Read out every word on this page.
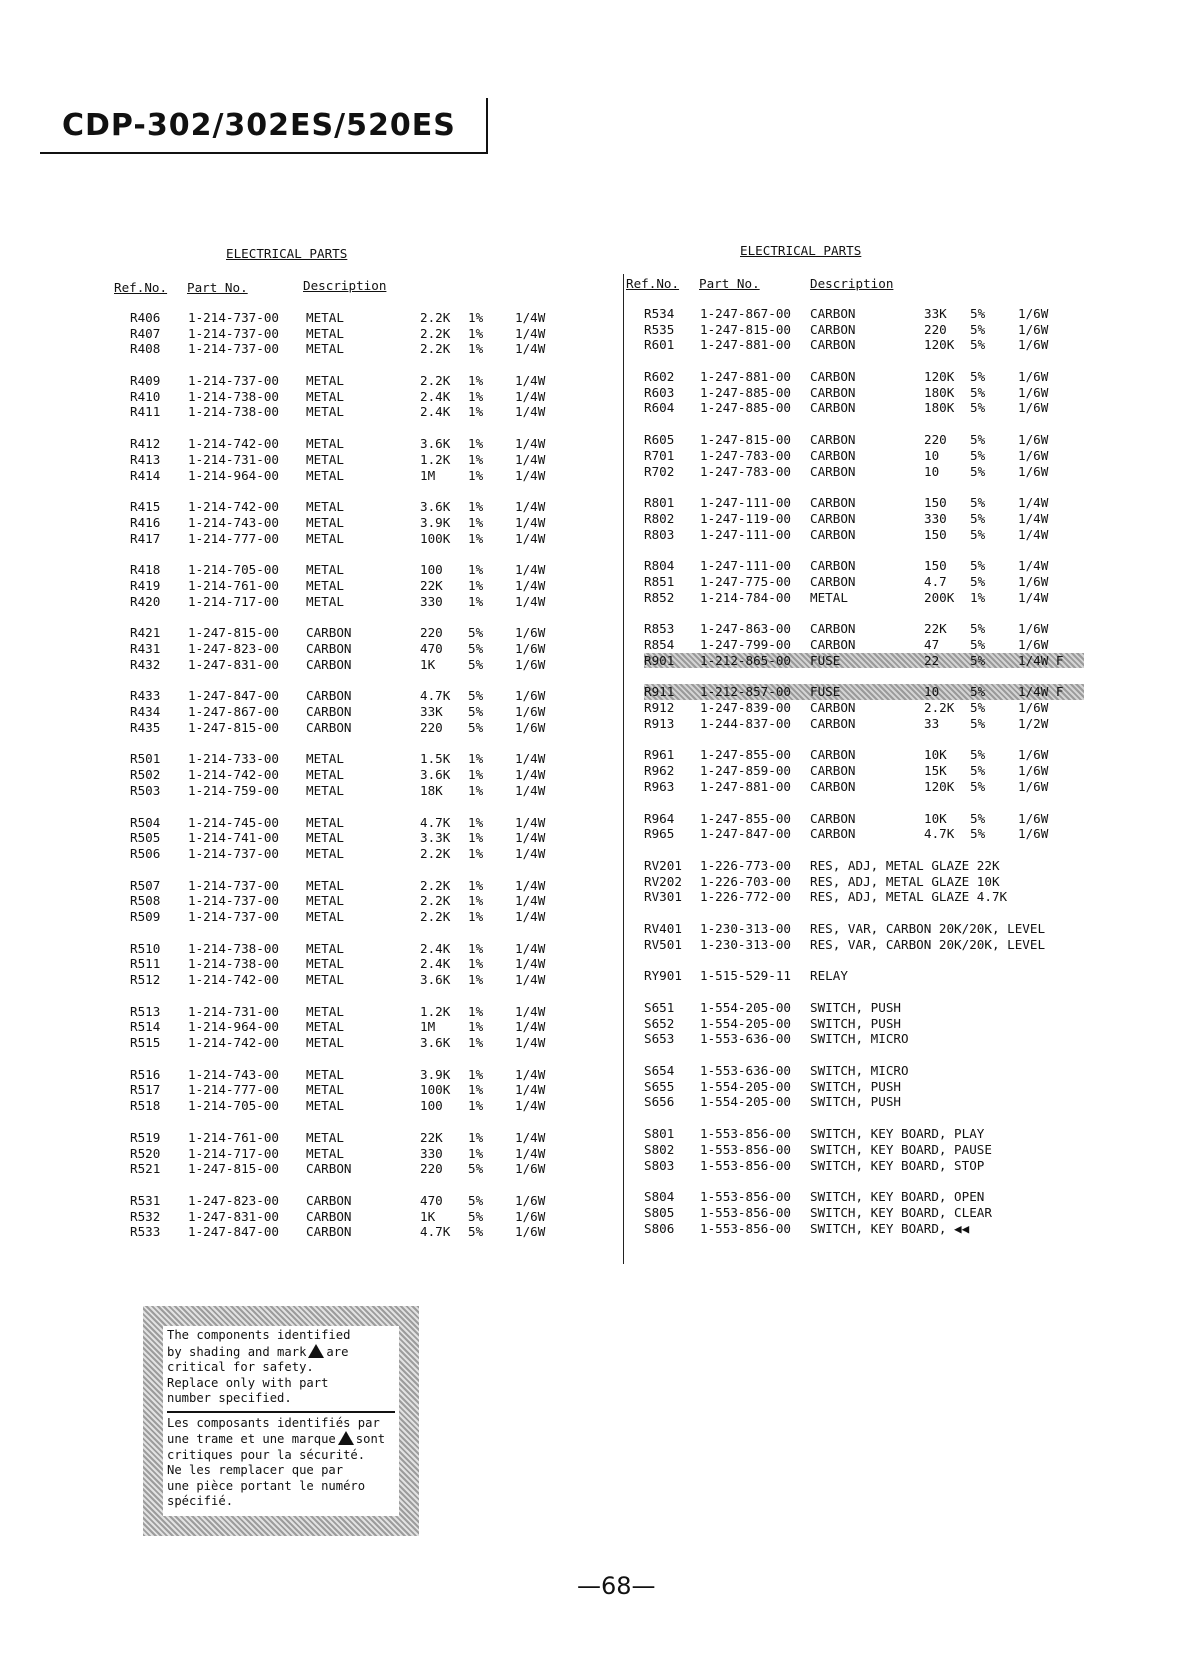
CDP-302/302ES/520ES
ELECTRICAL PARTS
Ref.No. Part No.	Description
R406 1-214-737-00 METAL	2.2K 1%	1/4W
R407 1-214-737-00 METAL	2.2K 1%	1/4W
R408 1-214-737-00 METAL	2.2K 1%	1/4W
R409 1-214-737-00 METAL	2.2K 1%	1/4W
R410 1-214-738-00 METAL	2.4K 1%	1/4W
R411 1-214-738-00 METAL	2.4K 1%	1/4W
R412 1-214-742-00 METAL	3.6K 1%	1/4W
R413 1-214-731-00 METAL	1.2K 1%	1/4W
R414 1-214-964-00 METAL	1M	1%	1/4W
R415 1-214-742-00 METAL	3.6K 1%	1/4W
R416 1-214-743-00 METAL	3.9K 1%	1/4W
R417 1-214-777-00 METAL	100K 1%	1/4W
R418 1-214-705-00 METAL	100 1%	1/4W
R419 1-214-761-00 METAL	22K 1%	1/4W
R420 1-214-717-00 METAL	330 1%	1/4W
R421 1-247-815-00 CARBON	220 5%	1/6W
R431 1-247-823-00 CARBON	470 5%	1/6W
R432 1-247-831-00 CARBON	1K	5%	1/6W
R433 1-247-847-00 CARBON	4.7K 5%	1/6W
R434 1-247-867-00 CARBON	33K 5%	1/6W
R435 1-247-815-00 CARBON	220 5%	1/6W
R501 1-214-733-00 METAL	1.5K 1%	1/4W
R502 1-214-742-00 METAL	3.6K 1%	1/4W
R503 1-214-759-00 METAL	18K 1%	1/4W
R504 1-214-745-00 METAL	4.7K 1%	1/4W
R505 1-214-741-00 METAL	3.3K 1%	1/4W
R506 1-214-737-00 METAL	2.2K 1%	1/4W
R507 1-214-737-00 METAL	2.2K 1%	1/4W
R508 1-214-737-00 METAL	2.2K 1%	1/4W
R509 1-214-737-00 METAL	2.2K 1%	1/4W
R510 1-214-738-00 METAL	2.4K 1%	1/4W
R511 1-214-738-00 METAL	2.4K 1%	1/4W
R512 1-214-742-00 METAL	3.6K 1%	1/4W
R513 1-214-731-00 METAL	1.2K 1%	1/4W
R514 1-214-964-00 METAL	1M	1%	1/4W
R515 1-214-742-00 METAL	3.6K 1%	1/4W
R516 1-214-743-00 METAL	3.9K 1%	1/4W
R517 1-214-777-00 METAL	100K 1%	1/4W
R518 1-214-705-00 METAL	100 1%	1/4W
R519 1-214-761-00 METAL	22K 1%	1/4W
R520 1-214-717-00 METAL	330 1%	1/4W
R521 1-247-815-00 CARBON	220 5%	1/6W
R531 1-247-823-00 CARBON	470 5%	1/6W
R532 1-247-831-00 CARBON	1K	5%	1/6W
R533 1-247-847-00 CARBON	4.7K 5%	1/6W
ELECTRICAL PARTS
Ref.No. Part No.	Description
R534 1-247-867-00 CARBON	33K 5%	1/6W
R535 1-247-815-00 CARBON	220 5%	1/6W
R601 1-247-881-00 CARBON	120K 5%	1/6W
R602 1-247-881-00 CARBON	120K 5%	1/6W
R603 1-247-885-00 CARBON	180K 5%	1/6W
R604 1-247-885-00 CARBON	180K 5%	1/6W
R605 1-247-815-00 CARBON	220 5%	1/6W
R701 1-247-783-00 CARBON	10 5%	1/6W
R702 1-247-783-00 CARBON	10 5%	1/6W
R801 1-247-111-00 CARBON	150 5%	1/4W
R802 1-247-119-00 CARBON	330 5%	1/4W
R803 1-247-111-00 CARBON	150 5%	1/4W
R804 1-247-111-00 CARBON	150 5%	1/4W
R851 1-247-775-00 CARBON	4.7 5%	1/6W
R852 1-214-784-00 METAL	200K 1%	1/4W
R853 1-247-863-00 CARBON	22K 5%	1/6W
R854 1-247-799-00 CARBON	47 5%	1/6W
R901 1-212-865-00 FUSE	22 5%	1/4W F
R911 1-212-857-00 FUSE	10 5%	1/4W F
R912 1-247-839-00 CARBON	2.2K 5%	1/6W
R913 1-244-837-00 CARBON	33 5%	1/2W
R961 1-247-855-00 CARBON	10K 5%	1/6W
R962 1-247-859-00 CARBON	15K 5%	1/6W
R963 1-247-881-00 CARBON	120K 5%	1/6W
R964 1-247-855-00 CARBON	10K 5%	1/6W
R965 1-247-847-00 CARBON	4.7K 5%	1/6W
RV201 1-226-773-00 RES, ADJ, METAL GLAZE 22K
RV202 1-226-703-00 RES, ADJ, METAL GLAZE 10K
RV301 1-226-772-00 RES, ADJ, METAL GLAZE 4.7K
RV401 1-230-313-00 RES, VAR, CARBON 20K/20K, LEVEL
RV501 1-230-313-00 RES, VAR, CARBON 20K/20K, LEVEL
RY901 1-515-529-11 RELAY
S651 1-554-205-00 SWITCH, PUSH
S652 1-554-205-00 SWITCH, PUSH
S653 1-553-636-00 SWITCH, MICRO
S654 1-553-636-00 SWITCH, MICRO
S655 1-554-205-00 SWITCH, PUSH
S656 1-554-205-00 SWITCH, PUSH
S801 1-553-856-00 SWITCH, KEY BOARD, PLAY
S802 1-553-856-00 SWITCH, KEY BOARD, PAUSE
S803 1-553-856-00 SWITCH, KEY BOARD, STOP
S804 1-553-856-00 SWITCH, KEY BOARD, OPEN
S805 1-553-856-00 SWITCH, KEY BOARD, CLEAR
S806 1-553-856-00 SWITCH, KEY BOARD, ◀◀
The components identified
by shading and mark are
critical for safety.
Replace only with part
number specified.
Les composants identifiés par
une trame et une marque sont
critiques pour la sécurité.
Ne les remplacer que par
une pièce portant le numéro
spécifié.
—68—
